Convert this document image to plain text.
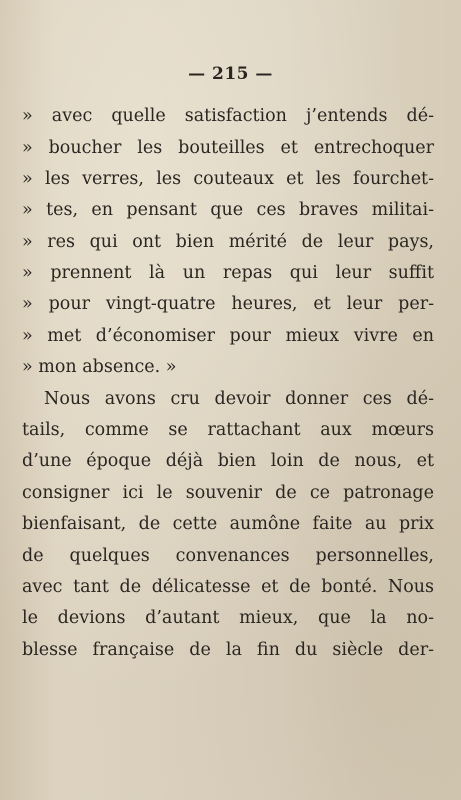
— 215 —
» avec quelle satisfaction j’entends dé-
» boucher les bouteilles et entrechoquer
» les verres, les couteaux et les fourchet-
» tes, en pensant que ces braves militai-
» res qui ont bien mérité de leur pays,
» prennent là un repas qui leur suffit
» pour vingt-quatre heures, et leur per-
» met d’économiser pour mieux vivre en
» mon absence. »
Nous avons cru devoir donner ces dé-
tails, comme se rattachant aux mœurs
d’une époque déjà bien loin de nous, et
consigner ici le souvenir de ce patronage
bienfaisant, de cette aumône faite au prix
de quelques convenances personnelles,
avec tant de délicatesse et de bonté. Nous
le devions d’autant mieux, que la no-
blesse française de la fin du siècle der-
